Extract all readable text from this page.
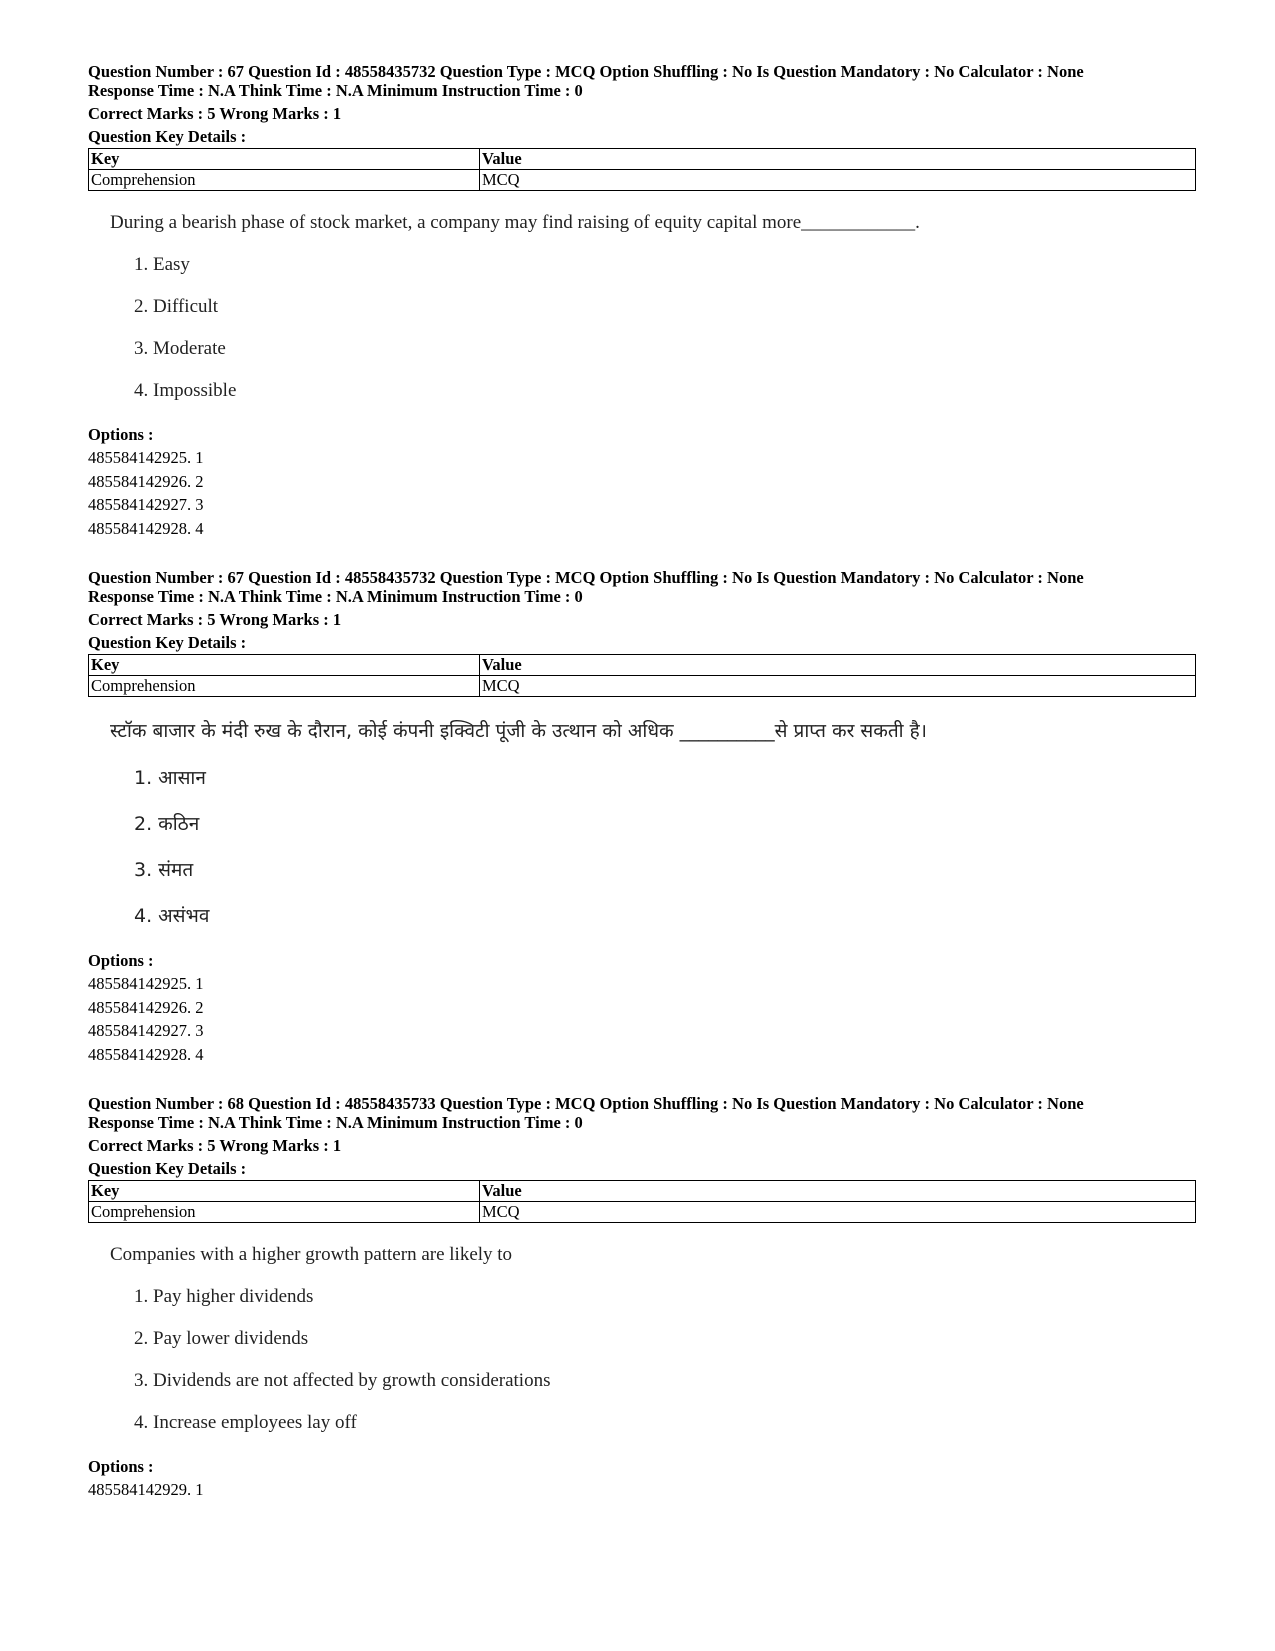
Question Number : 67 Question Id : 48558435732 Question Type : MCQ Option Shuffling : No Is Question Mandatory : No Calculator : None
Response Time : N.A Think Time : N.A Minimum Instruction Time : 0
Correct Marks : 5 Wrong Marks : 1
Question Key Details :
Key	Value
Comprehension	MCQ
During a bearish phase of stock market, a company may find raising of equity capital more____________.
1. Easy
2. Difficult
3. Moderate
4. Impossible
Options :
485584142925. 1
485584142926. 2
485584142927. 3
485584142928. 4
Question Number : 67 Question Id : 48558435732 Question Type : MCQ Option Shuffling : No Is Question Mandatory : No Calculator : None
Response Time : N.A Think Time : N.A Minimum Instruction Time : 0
Correct Marks : 5 Wrong Marks : 1
Question Key Details :
Key	Value
Comprehension	MCQ
स्टॉक बाजार के मंदी रुख के दौरान, कोई कंपनी इक्विटी पूंजी के उत्थान को अधिक __________से प्राप्त कर सकती है।
1. आसान
2. कठिन
3. संमत
4. असंभव
Options :
485584142925. 1
485584142926. 2
485584142927. 3
485584142928. 4
Question Number : 68 Question Id : 48558435733 Question Type : MCQ Option Shuffling : No Is Question Mandatory : No Calculator : None
Response Time : N.A Think Time : N.A Minimum Instruction Time : 0
Correct Marks : 5 Wrong Marks : 1
Question Key Details :
Key	Value
Comprehension	MCQ
Companies with a higher growth pattern are likely to
1. Pay higher dividends
2. Pay lower dividends
3. Dividends are not affected by growth considerations
4. Increase employees lay off
Options :
485584142929. 1
